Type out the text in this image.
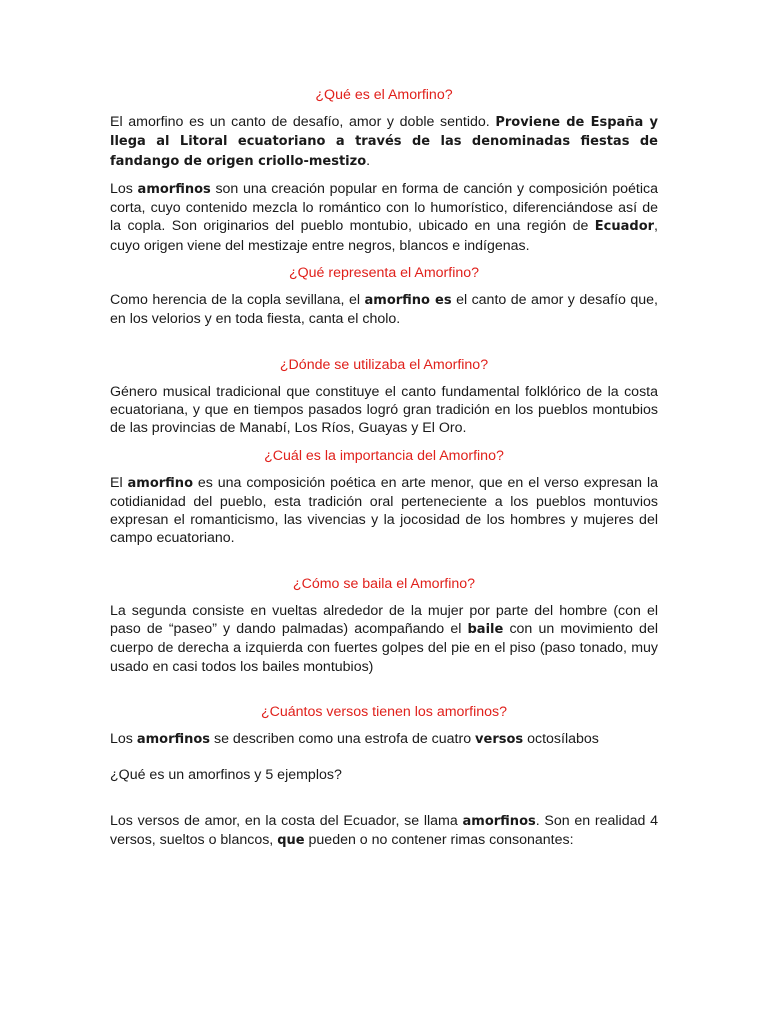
¿Qué es el Amorfino?

El amorfino es un canto de desafío, amor y doble sentido. Proviene de España y llega al Litoral ecuatoriano a través de las denominadas fiestas de fandango de origen criollo-mestizo.

Los amorfinos son una creación popular en forma de canción y composición poética corta, cuyo contenido mezcla lo romántico con lo humorístico, diferenciándose así de la copla. Son originarios del pueblo montubio, ubicado en una región de Ecuador, cuyo origen viene del mestizaje entre negros, blancos e indígenas.

¿Qué representa el Amorfino?

Como herencia de la copla sevillana, el amorfino es el canto de amor y desafío que, en los velorios y en toda fiesta, canta el cholo.

¿Dónde se utilizaba el Amorfino?

Género musical tradicional que constituye el canto fundamental folklórico de la costa ecuatoriana, y que en tiempos pasados logró gran tradición en los pueblos montubios de las provincias de Manabí, Los Ríos, Guayas y El Oro.

¿Cuál es la importancia del Amorfino?

El amorfino es una composición poética en arte menor, que en el verso expresan la cotidianidad del pueblo, esta tradición oral perteneciente a los pueblos montuvios expresan el romanticismo, las vivencias y la jocosidad de los hombres y mujeres del campo ecuatoriano.

¿Cómo se baila el Amorfino?

La segunda consiste en vueltas alrededor de la mujer por parte del hombre (con el paso de “paseo” y dando palmadas) acompañando el baile con un movimiento del cuerpo de derecha a izquierda con fuertes golpes del pie en el piso (paso tonado, muy usado en casi todos los bailes montubios)

¿Cuántos versos tienen los amorfinos?

Los amorfinos se describen como una estrofa de cuatro versos octosílabos

¿Qué es un amorfinos y 5 ejemplos?

Los versos de amor, en la costa del Ecuador, se llama amorfinos. Son en realidad 4 versos, sueltos o blancos, que pueden o no contener rimas consonantes:
